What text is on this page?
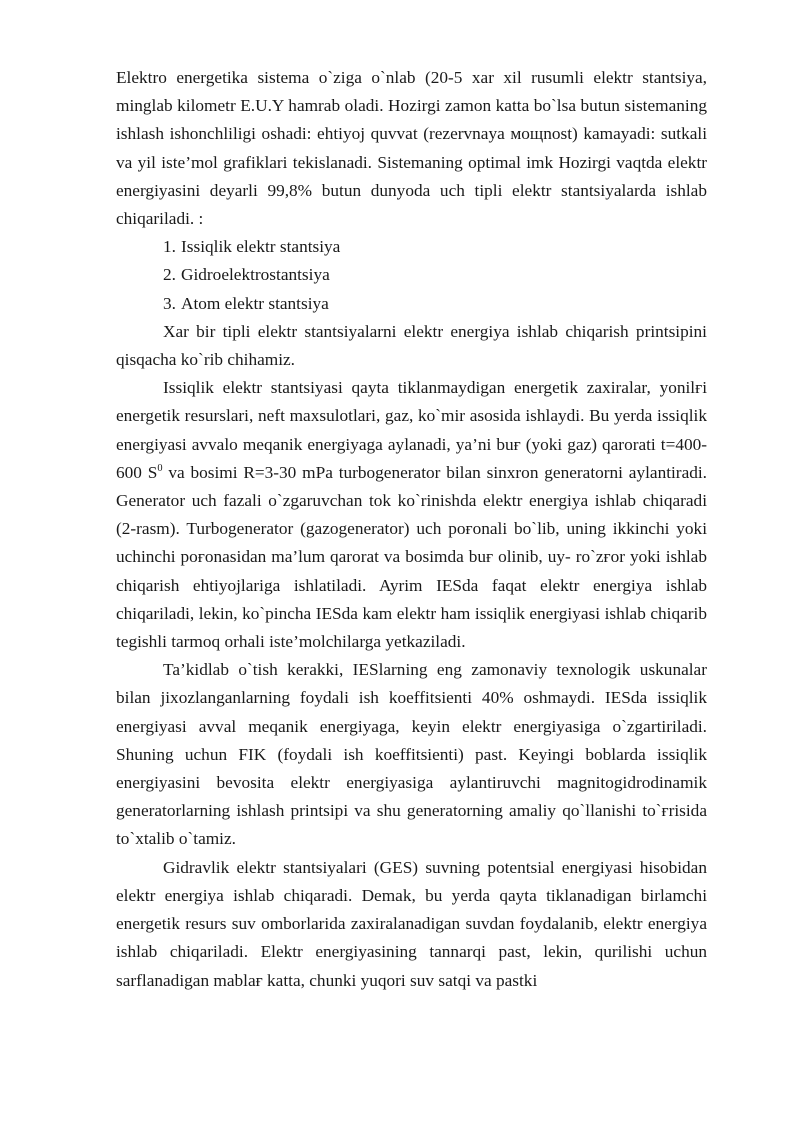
Elektro energetika sistema o`ziga o`nlab (20-5 xar xil rusumli elektr stantsiya, minglab kilometr E.U.Y hamrab oladi. Hozirgi zamon katta bo`lsa butun sistemaning ishlash ishonchliligi oshadi: ehtiyoj quvvat (rezervnaya мощnost) kamayadi: sutkali va yil iste’mol grafiklari tekislanadi. Sistemaning optimal imk Hozirgi vaqtda elektr energiyasini deyarli 99,8% butun dunyoda uch tipli elektr stantsiyalarda ishlab chiqariladi. :

1. Issiqlik elektr stantsiya
2. Gidroelektrostantsiya
3. Atom elektr stantsiya

Xar bir tipli elektr stantsiyalarni elektr energiya ishlab chiqarish printsipini qisqacha ko`rib chihamiz.

Issiqlik elektr stantsiyasi qayta tiklanmaydigan energetik zaxiralar, yonilғi energetik resurslari, neft maxsulotlari, gaz, ko`mir asosida ishlaydi. Bu yerda issiqlik energiyasi avvalo meqanik energiyaga aylanadi, ya’ni buғ (yoki gaz) qarorati t=400-600 $S^0$ va bosimi R=3-30 mPa turbogenerator bilan sinxron generatorni aylantiradi. Generator uch fazali o`zgaruvchan tok ko`rinishda elektr energiya ishlab chiqaradi (2-rasm). Turbogenerator (gazogenerator) uch poғonali bo`lib, uning ikkinchi yoki uchinchi poғonasidan ma’lum qarorat va bosimda buғ olinib, uy- ro`zғor yoki ishlab chiqarish ehtiyojlariga ishlatiladi. Ayrim IESda faqat elektr energiya ishlab chiqariladi, lekin, ko`pincha IESda kam elektr ham issiqlik energiyasi ishlab chiqarib tegishli tarmoq orhali iste’molchilarga yetkaziladi.

Ta’kidlab o`tish kerakki, IESlarning eng zamonaviy texnologik uskunalar bilan jixozlanganlarning foydali ish koeffitsienti 40% oshmaydi. IESda issiqlik energiyasi avval meqanik energiyaga, keyin elektr energiyasiga o`zgartiriladi. Shuning uchun FIK (foydali ish koeffitsienti) past. Keyingi boblarda issiqlik energiyasini bevosita elektr energiyasiga aylantiruvchi magnitogidrodinamik generatorlarning ishlash printsipi va shu generatorning amaliy qo`llanishi to`ғrisida to`xtalib o`tamiz.

Gidravlik elektr stantsiyalari (GES) suvning potentsial energiyasi hisobidan elektr energiya ishlab chiqaradi. Demak, bu yerda qayta tiklanadigan birlamchi energetik resurs suv omborlarida zaxiralanadigan suvdan foydalanib, elektr energiya ishlab chiqariladi. Elektr energiyasining tannarqi past, lekin, qurilishi uchun sarflanadigan mablaғ katta, chunki yuqori suv satqi va pastki
